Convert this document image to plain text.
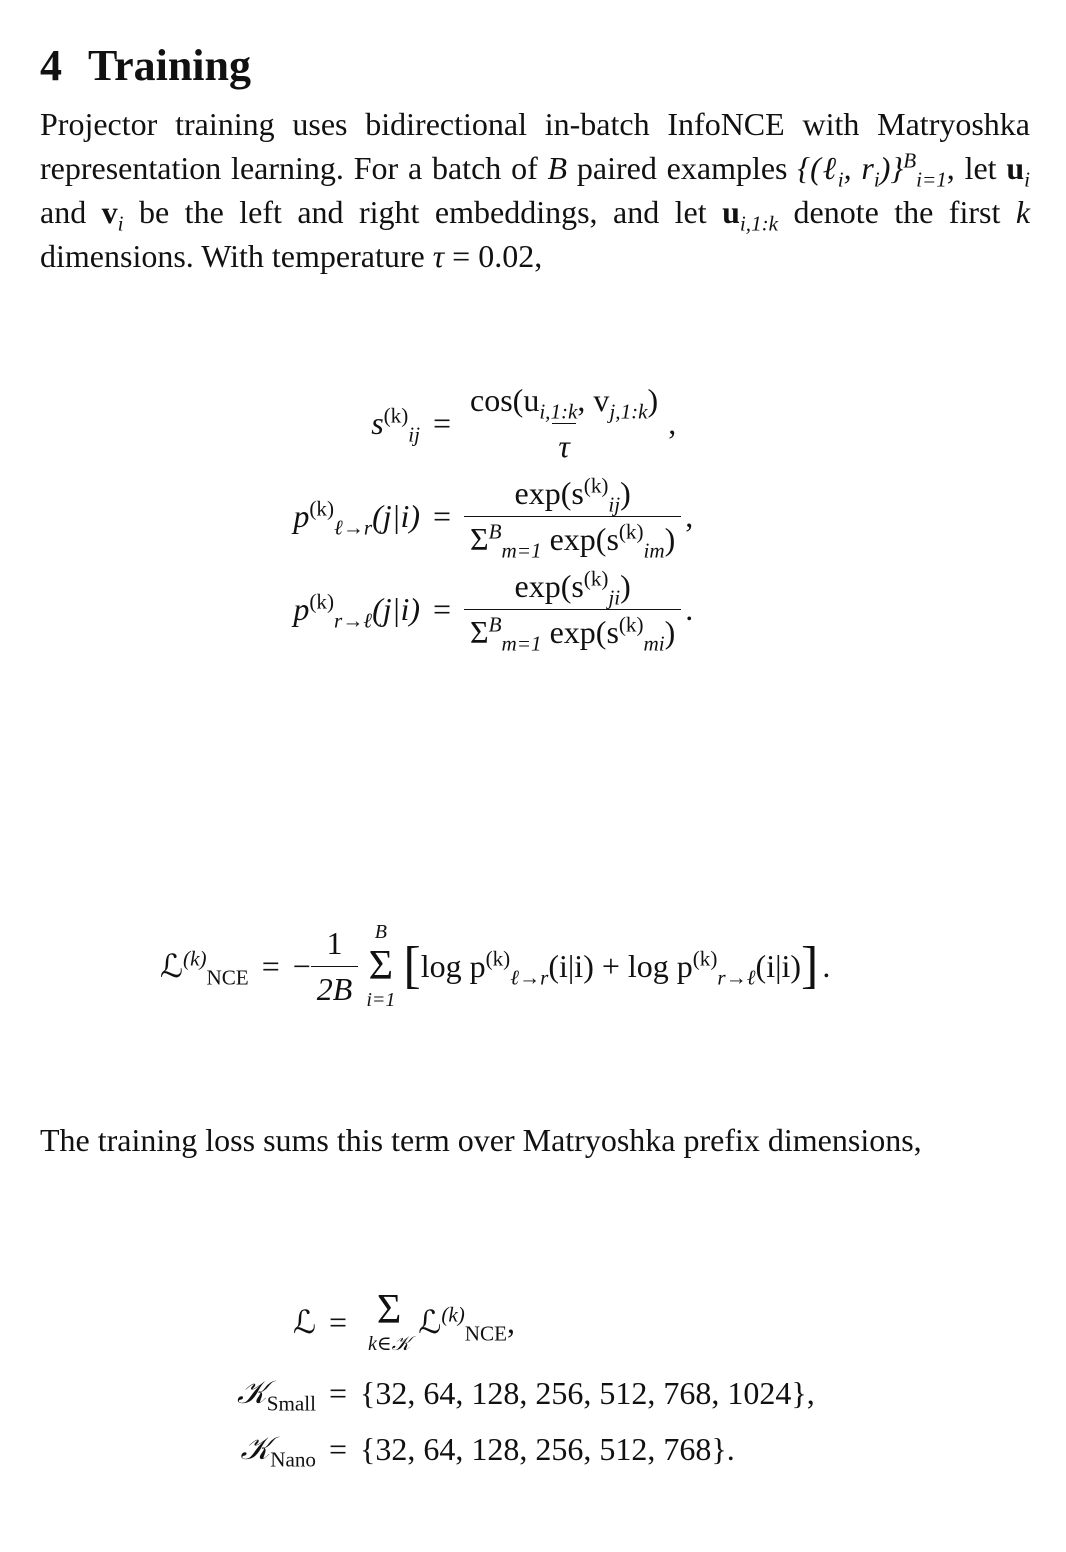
4 Training
Projector training uses bidirectional in-batch InfoNCE with Matryoshka representation learning. For a batch of B paired examples {(ℓ$_i$, $r_i)\}^B_{i=1}$, let $u_i$ and $v_i$ be the left and right embeddings, and let $u_{i,1:k}$ denote the first k dimensions. With temperature τ = 0.02,
$s^{(k)}_{ij} = \frac{\cos(u_{i,1:k}, v_{j,1:k})}{\tau}$ ,
$p^{(k)}_{\ell\to r}(j|i) = \frac{\exp(s^{(k)}_{ij})}{\Sigma^B_{m=1} \exp(s^{(k)}_{im})}$ ,
$p^{(k)}_{r\to\ell}(j|i) = \frac{\exp(s^{(k)}_{ji})}{\Sigma^B_{m=1} \exp(s^{(k)}_{mi})}$ .
ℒ$^{(k)}_{NCE}$ = − $\frac{1}{2B}$ B
Σ
i=1
[ $\log p^{(k)}_{\ell\to r}(i|i) + \log p^{(k)}_{r\to\ell}(i|i)$ ] .
The training loss sums this term over Matryoshka prefix dimensions,
ℒ = Σ
k∈𝒦
ℒ$^{(k)}_{NCE}$ ,
𝒦$_{Small}$ = {32, 64, 128, 256, 512, 768, 1024},
𝒦$_{Nano}$ = {32, 64, 128, 256, 512, 768}.
